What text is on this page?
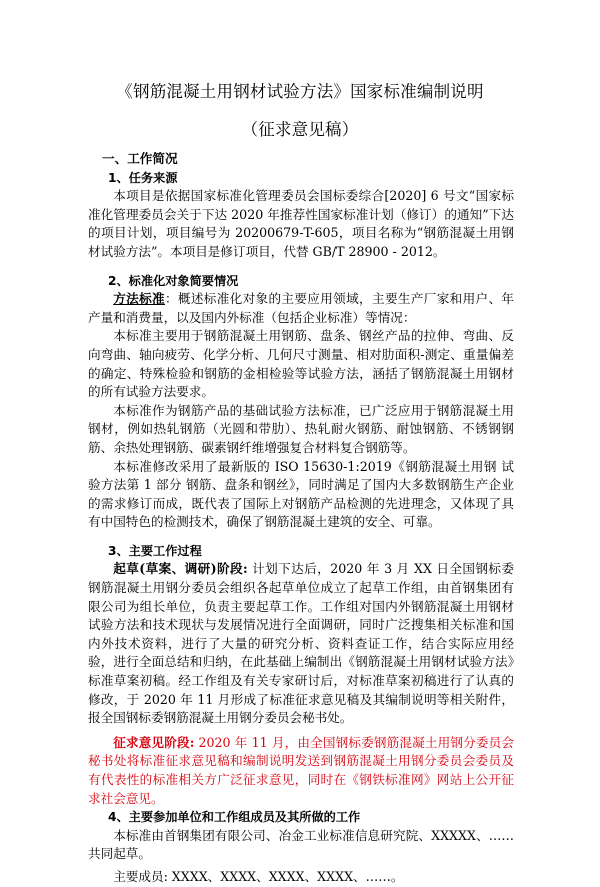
《钢筋混凝土用钢材试验方法》国家标准编制说明
（征求意见稿）
一、工作简况
1、任务来源

本项目是依据国家标准化管理委员会国标委综合[2020] 6 号文“国家标准化管理委员会关于下达 2020 年推荐性国家标准计划（修订）的通知”下达的项目计划，项目编号为 20200679-T-605，项目名称为“钢筋混凝土用钢材试验方法”。本项目是修订项目，代替 GB/T 28900 - 2012。

2、标准化对象简要情况

方法标准：概述标准化对象的主要应用领域，主要生产厂家和用户、年产量和消费量，以及国内外标准（包括企业标准）等情况：

本标准主要用于钢筋混凝土用钢筋、盘条、钢丝产品的拉伸、弯曲、反向弯曲、轴向疲劳、化学分析、几何尺寸测量、相对肋面积-测定、重量偏差的确定、特殊检验和钢筋的金相检验等试验方法，涵括了钢筋混凝土用钢材的所有试验方法要求。

本标准作为钢筋产品的基础试验方法标准，已广泛应用于钢筋混凝土用钢材，例如热轧钢筋（光圆和带肋）、热轧耐火钢筋、耐蚀钢筋、不锈钢钢筋、余热处理钢筋、碳素钢纤维增强复合材料复合钢筋等。

本标准修改采用了最新版的 ISO 15630-1:2019《钢筋混凝土用钢 试验方法第 1 部分 钢筋、盘条和钢丝》，同时满足了国内大多数钢筋生产企业的需求修订而成，既代表了国际上对钢筋产品检测的先进理念，又体现了具有中国特色的检测技术，确保了钢筋混凝土建筑的安全、可靠。

3、主要工作过程

起草(草案、调研)阶段: 计划下达后，2020 年 3 月 XX 日全国钢标委钢筋混凝土用钢分委员会组织各起草单位成立了起草工作组，由首钢集团有限公司为组长单位，负责主要起草工作。工作组对国内外钢筋混凝土用钢材试验方法和技术现状与发展情况进行全面调研，同时广泛搜集相关标准和国内外技术资料，进行了大量的研究分析、资料查证工作，结合实际应用经验，进行全面总结和归纳，在此基础上编制出《钢筋混凝土用钢材试验方法》标准草案初稿。经工作组及有关专家研讨后，对标准草案初稿进行了认真的修改，于 2020 年 11 月形成了标准征求意见稿及其编制说明等相关附件，报全国钢标委钢筋混凝土用钢分委员会秘书处。

征求意见阶段: 2020 年 11 月，由全国钢标委钢筋混凝土用钢分委员会秘书处将标准征求意见稿和编制说明发送到钢筋混凝土用钢分委员会委员及有代表性的标准相关方广泛征求意见，同时在《钢铁标准网》网站上公开征求社会意见。

4、主要参加单位和工作组成员及其所做的工作

本标准由首钢集团有限公司、冶金工业标准信息研究院、XXXXX、……共同起草。

主要成员: XXXX、XXXX、XXXX、XXXX、……。
